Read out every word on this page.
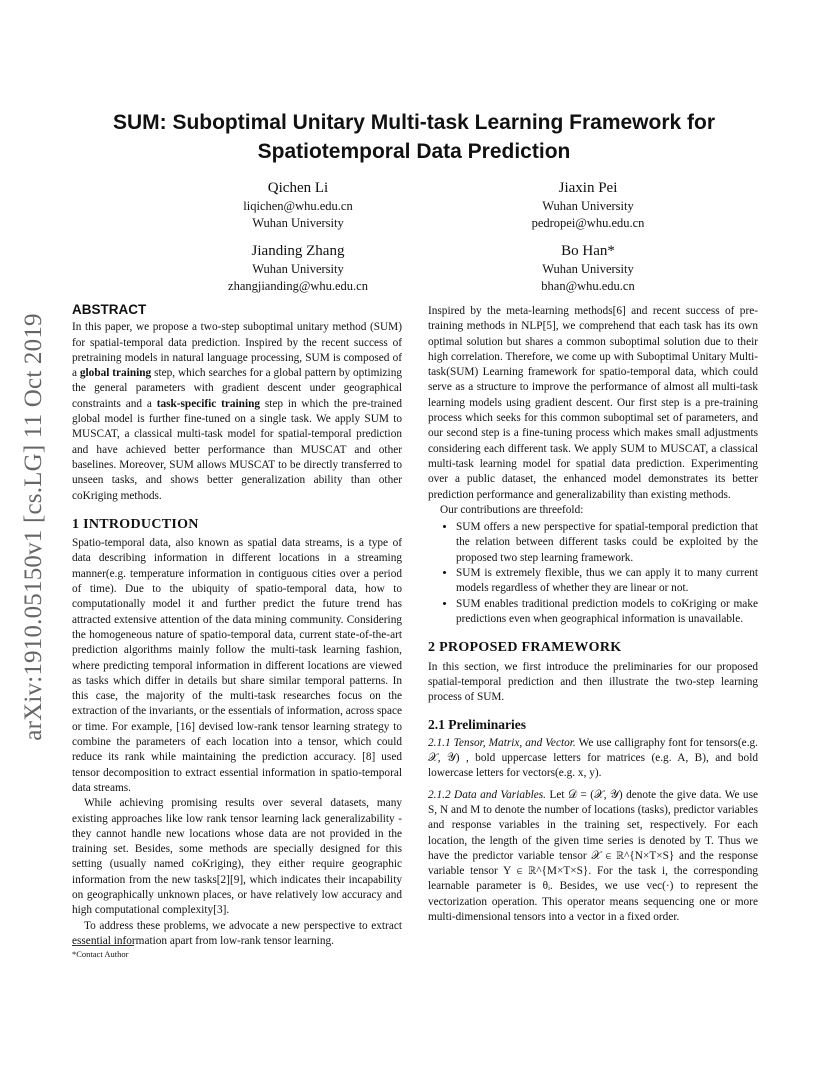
arXiv:1910.05150v1 [cs.LG] 11 Oct 2019
SUM: Suboptimal Unitary Multi-task Learning Framework for Spatiotemporal Data Prediction
Qichen Li
liqichen@whu.edu.cn
Wuhan University
Jiaxin Pei
Wuhan University
pedropei@whu.edu.cn
Jianding Zhang
Wuhan University
zhangjianding@whu.edu.cn
Bo Han*
Wuhan University
bhan@whu.edu.cn
ABSTRACT

In this paper, we propose a two-step suboptimal unitary method (SUM) for spatial-temporal data prediction. Inspired by the recent success of pretraining models in natural language processing, SUM is composed of a global training step, which searches for a global pattern by optimizing the general parameters with gradient descent under geographical constraints and a task-specific training step in which the pre-trained global model is further fine-tuned on a single task. We apply SUM to MUSCAT, a classical multi-task model for spatial-temporal prediction and have achieved better performance than MUSCAT and other baselines. Moreover, SUM allows MUSCAT to be directly transferred to unseen tasks, and shows better generalization ability than other coKriging methods.

1 INTRODUCTION

Spatio-temporal data, also known as spatial data streams, is a type of data describing information in different locations in a streaming manner(e.g. temperature information in contiguous cities over a period of time). Due to the ubiquity of spatio-temporal data, how to computationally model it and further predict the future trend has attracted extensive attention of the data mining community. Considering the homogeneous nature of spatio-temporal data, current state-of-the-art prediction algorithms mainly follow the multi-task learning fashion, where predicting temporal information in different locations are viewed as tasks which differ in details but share similar temporal patterns. In this case, the majority of the multi-task researches focus on the extraction of the invariants, or the essentials of information, across space or time. For example, [16] devised low-rank tensor learning strategy to combine the parameters of each location into a tensor, which could reduce its rank while maintaining the prediction accuracy. [8] used tensor decomposition to extract essential information in spatio-temporal data streams.

While achieving promising results over several datasets, many existing approaches like low rank tensor learning lack generalizability - they cannot handle new locations whose data are not provided in the training set. Besides, some methods are specially designed for this setting (usually named coKriging), they either require geographic information from the new tasks[2][9], which indicates their incapability on geographically unknown places, or have relatively low accuracy and high computational complexity[3].

To address these problems, we advocate a new perspective to extract essential information apart from low-rank tensor learning.

*Contact Author

Inspired by the meta-learning methods[6] and recent success of pre-training methods in NLP[5], we comprehend that each task has its own optimal solution but shares a common suboptimal solution due to their high correlation. Therefore, we come up with Suboptimal Unitary Multi-task(SUM) Learning framework for spatio-temporal data, which could serve as a structure to improve the performance of almost all multi-task learning models using gradient descent. Our first step is a pre-training process which seeks for this common suboptimal set of parameters, and our second step is a fine-tuning process which makes small adjustments considering each different task. We apply SUM to MUSCAT, a classical multi-task learning model for spatial data prediction. Experimenting over a public dataset, the enhanced model demonstrates its better prediction performance and generalizability than existing methods.

Our contributions are threefold:

• SUM offers a new perspective for spatial-temporal prediction that the relation between different tasks could be exploited by the proposed two step learning framework.
• SUM is extremely flexible, thus we can apply it to many current models regardless of whether they are linear or not.
• SUM enables traditional prediction models to coKriging or make predictions even when geographical information is unavailable.
2 PROPOSED FRAMEWORK

In this section, we first introduce the preliminaries for our proposed spatial-temporal prediction and then illustrate the two-step learning process of SUM.

2.1 Preliminaries

2.1.1 Tensor, Matrix, and Vector. We use calligraphy font for tensors(e.g. 𝒳, 𝒴) , bold uppercase letters for matrices (e.g. A, B), and bold lowercase letters for vectors(e.g. x, y).

2.1.2 Data and Variables. Let 𝒟 = (𝒳, 𝒴) denote the give data. We use S, N and M to denote the number of locations (tasks), predictor variables and response variables in the training set, respectively. For each location, the length of the given time series is denoted by T. Thus we have the predictor variable tensor 𝒳 ∈ ℝ^{N×T×S} and the response variable tensor Y ∈ ℝ^{M×T×S}. For the task i, the corresponding learnable parameter is θᵢ. Besides, we use vec(·) to represent the vectorization operation. This operator means sequencing one or more multi-dimensional tensors into a vector in a fixed order.
